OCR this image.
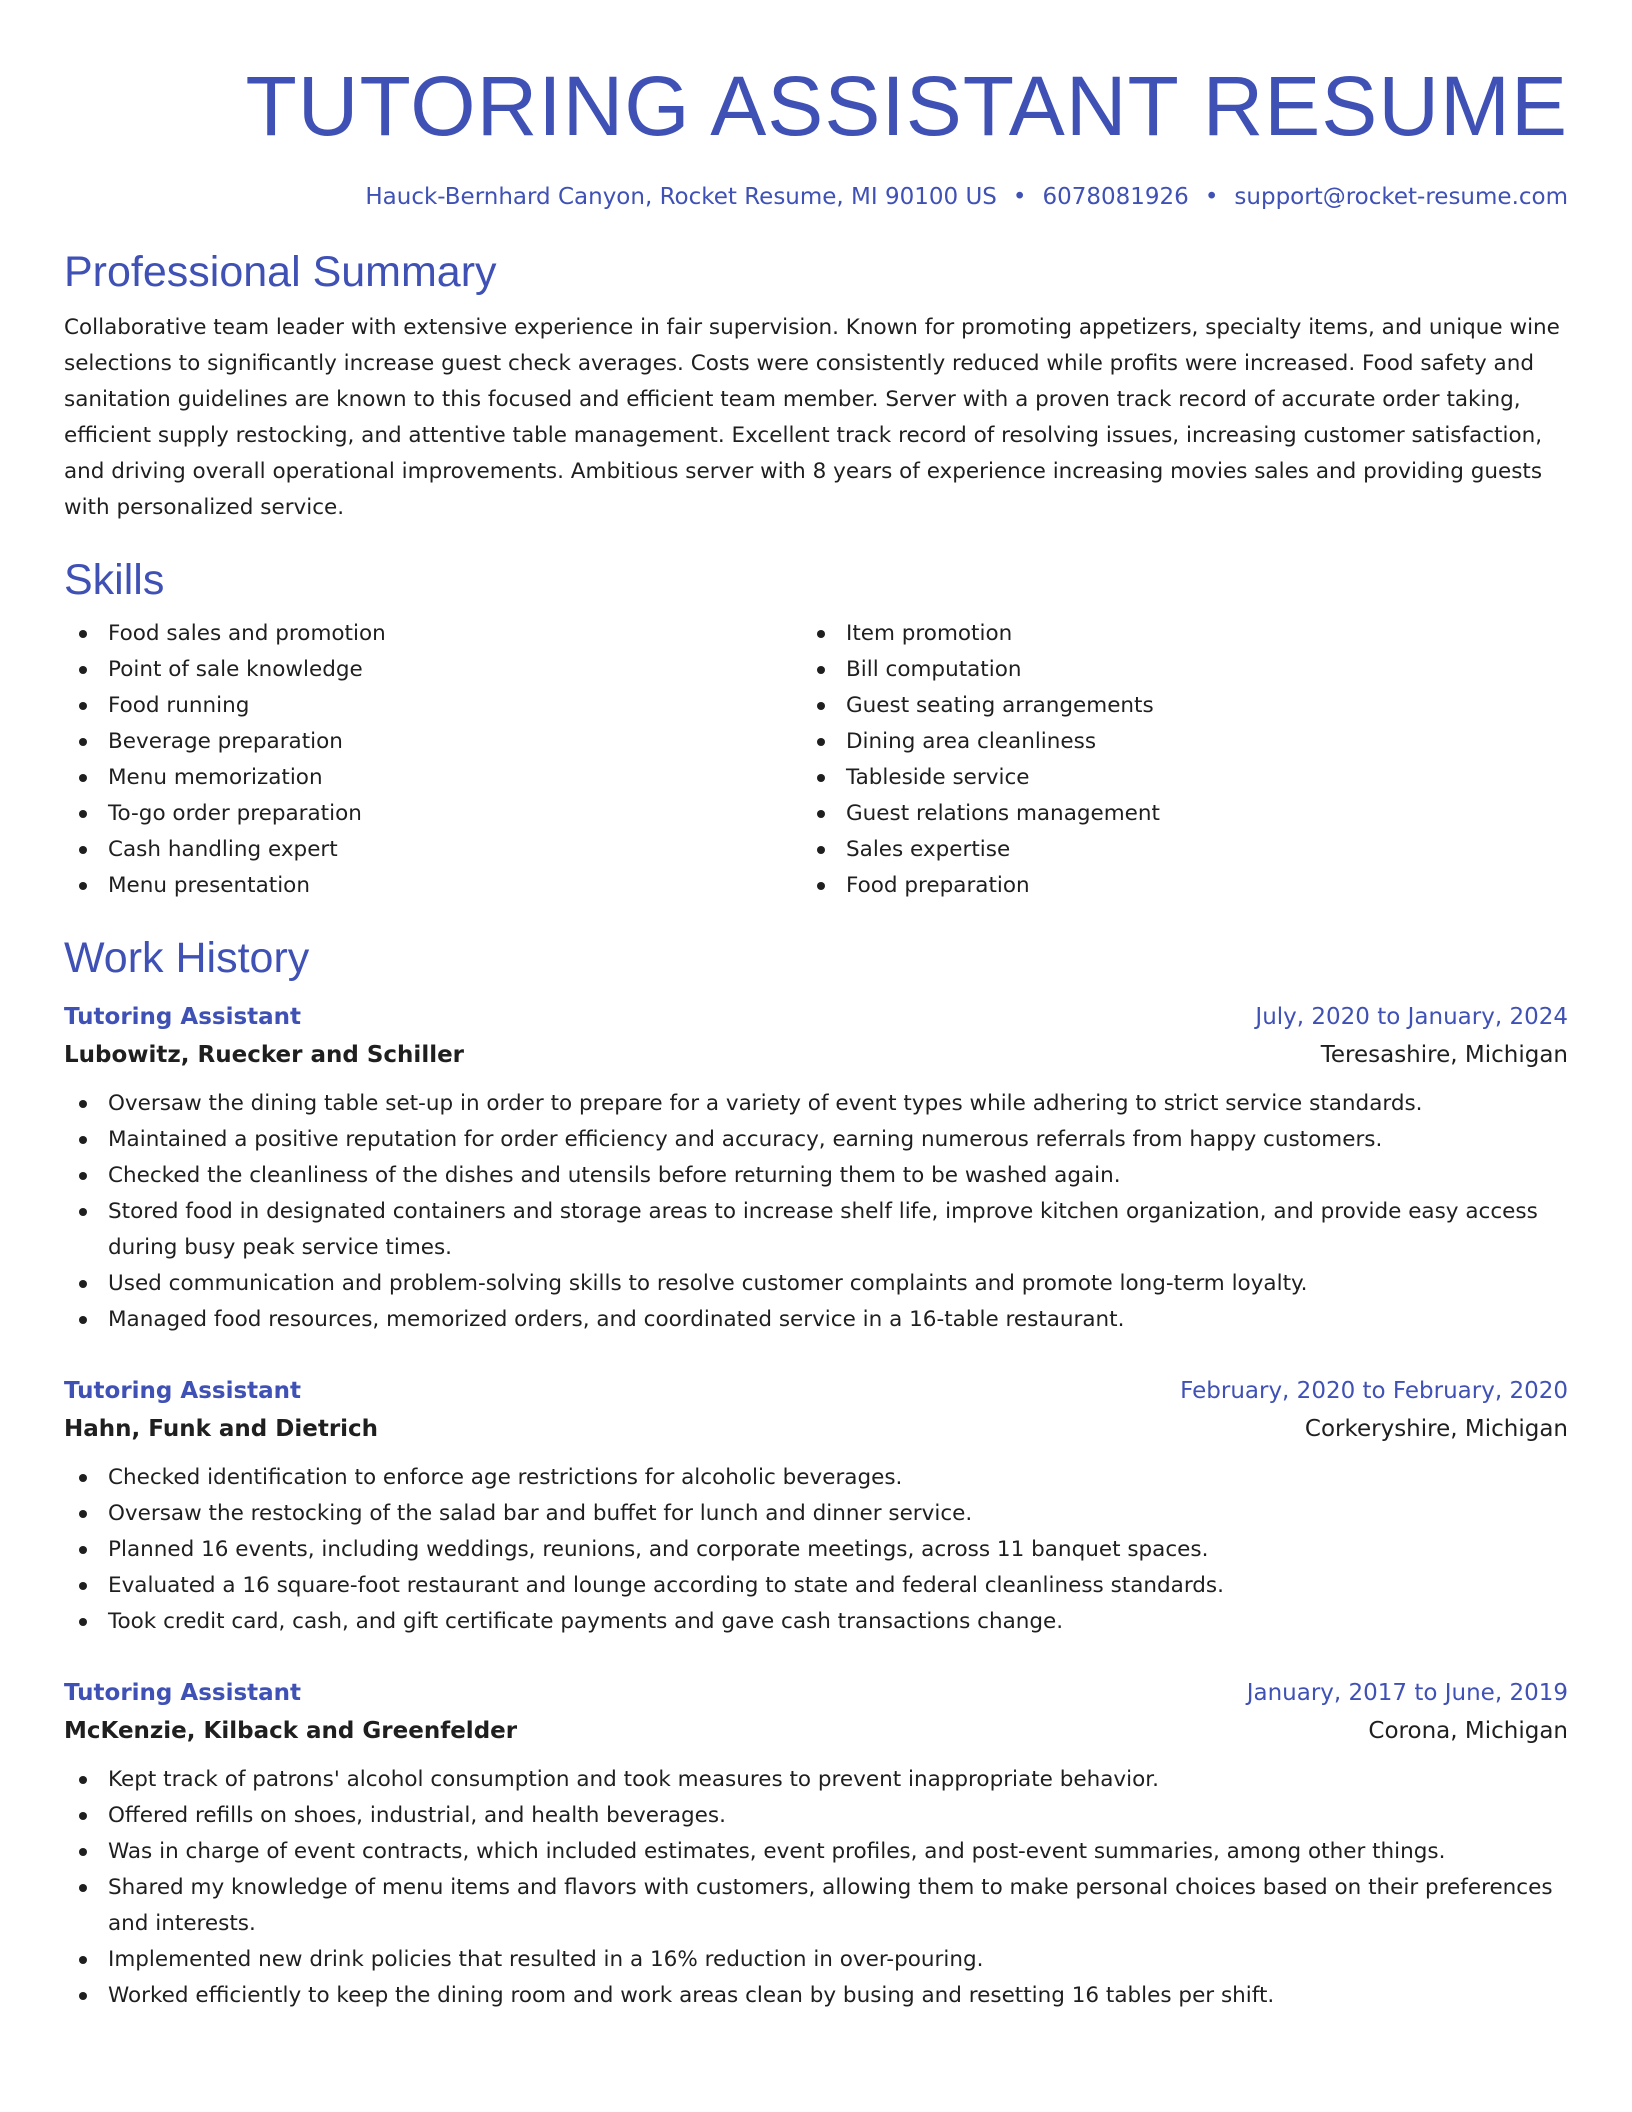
TUTORING ASSISTANT RESUME
Hauck-Bernhard Canyon, Rocket Resume, MI 90100 US • 6078081926 • support@rocket-resume.com
Professional Summary

Collaborative team leader with extensive experience in fair supervision. Known for promoting appetizers, specialty items, and unique wine selections to significantly increase guest check averages. Costs were consistently reduced while profits were increased. Food safety and sanitation guidelines are known to this focused and efficient team member. Server with a proven track record of accurate order taking, efficient supply restocking, and attentive table management. Excellent track record of resolving issues, increasing customer satisfaction, and driving overall operational improvements. Ambitious server with 8 years of experience increasing movies sales and providing guests with personalized service.

Skills
Food sales and promotion
Point of sale knowledge
Food running
Beverage preparation
Menu memorization
To-go order preparation
Cash handling expert
Menu presentation
Item promotion
Bill computation
Guest seating arrangements
Dining area cleanliness
Tableside service
Guest relations management
Sales expertise
Food preparation
Work History
Tutoring Assistant	July, 2020 to January, 2024
Lubowitz, Ruecker and Schiller	Teresashire, Michigan
Oversaw the dining table set-up in order to prepare for a variety of event types while adhering to strict service standards.
Maintained a positive reputation for order efficiency and accuracy, earning numerous referrals from happy customers.
Checked the cleanliness of the dishes and utensils before returning them to be washed again.
Stored food in designated containers and storage areas to increase shelf life, improve kitchen organization, and provide easy access during busy peak service times.
Used communication and problem-solving skills to resolve customer complaints and promote long-term loyalty.
Managed food resources, memorized orders, and coordinated service in a 16-table restaurant.
Tutoring Assistant	February, 2020 to February, 2020
Hahn, Funk and Dietrich	Corkeryshire, Michigan
Checked identification to enforce age restrictions for alcoholic beverages.
Oversaw the restocking of the salad bar and buffet for lunch and dinner service.
Planned 16 events, including weddings, reunions, and corporate meetings, across 11 banquet spaces.
Evaluated a 16 square-foot restaurant and lounge according to state and federal cleanliness standards.
Took credit card, cash, and gift certificate payments and gave cash transactions change.
Tutoring Assistant	January, 2017 to June, 2019
McKenzie, Kilback and Greenfelder	Corona, Michigan
Kept track of patrons' alcohol consumption and took measures to prevent inappropriate behavior.
Offered refills on shoes, industrial, and health beverages.
Was in charge of event contracts, which included estimates, event profiles, and post-event summaries, among other things.
Shared my knowledge of menu items and flavors with customers, allowing them to make personal choices based on their preferences and interests.
Implemented new drink policies that resulted in a 16% reduction in over-pouring.
Worked efficiently to keep the dining room and work areas clean by busing and resetting 16 tables per shift.
